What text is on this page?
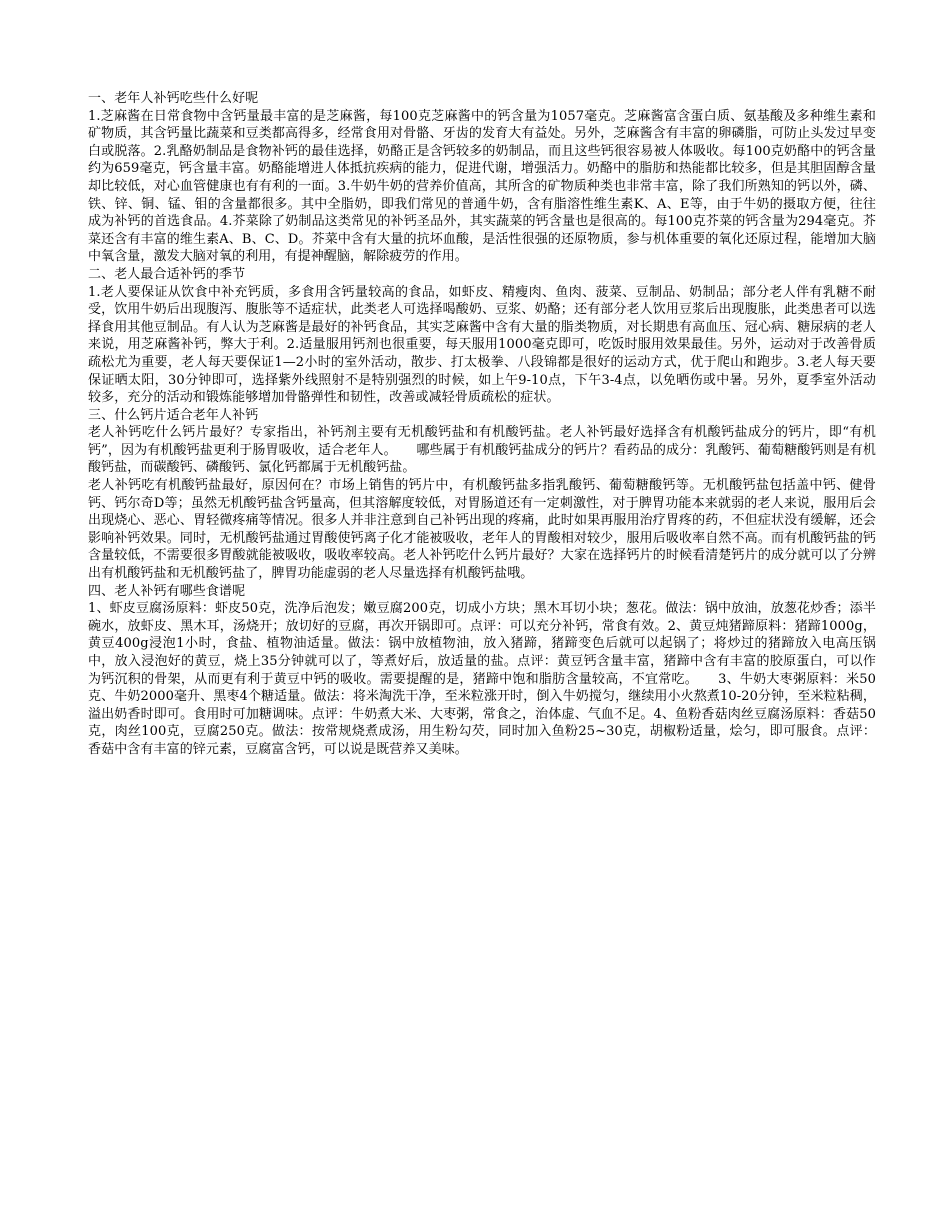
一、老年人补钙吃些什么好呢

1.芝麻酱在日常食物中含钙量最丰富的是芝麻酱，每100克芝麻酱中的钙含量为1057毫克。芝麻酱富含蛋白质、氨基酸及多种维生素和矿物质，其含钙量比蔬菜和豆类都高得多，经常食用对骨骼、牙齿的发育大有益处。另外，芝麻酱含有丰富的卵磷脂，可防止头发过早变白或脱落。2.乳酪奶制品是食物补钙的最佳选择，奶酪正是含钙较多的奶制品，而且这些钙很容易被人体吸收。每100克奶酪中的钙含量约为659毫克，钙含量丰富。奶酪能增进人体抵抗疾病的能力，促进代谢，增强活力。奶酪中的脂肪和热能都比较多，但是其胆固醇含量却比较低，对心血管健康也有有利的一面。3.牛奶牛奶的营养价值高，其所含的矿物质种类也非常丰富，除了我们所熟知的钙以外，磷、铁、锌、铜、锰、钼的含量都很多。其中全脂奶，即我们常见的普通牛奶，含有脂溶性维生素K、A、E等，由于牛奶的摄取方便，往往成为补钙的首选食品。4.芥菜除了奶制品这类常见的补钙圣品外，其实蔬菜的钙含量也是很高的。每100克芥菜的钙含量为294毫克。芥菜还含有丰富的维生素A、B、C、D。芥菜中含有大量的抗坏血酸，是活性很强的还原物质，参与机体重要的氧化还原过程，能增加大脑中氧含量，激发大脑对氧的利用，有提神醒脑，解除疲劳的作用。

二、老人最合适补钙的季节

1.老人要保证从饮食中补充钙质，多食用含钙量较高的食品，如虾皮、精瘦肉、鱼肉、菠菜、豆制品、奶制品；部分老人伴有乳糖不耐受，饮用牛奶后出现腹泻、腹胀等不适症状，此类老人可选择喝酸奶、豆浆、奶酪；还有部分老人饮用豆浆后出现腹胀，此类患者可以选择食用其他豆制品。有人认为芝麻酱是最好的补钙食品，其实芝麻酱中含有大量的脂类物质，对长期患有高血压、冠心病、糖尿病的老人来说，用芝麻酱补钙，弊大于利。2.适量服用钙剂也很重要，每天服用1000毫克即可，吃饭时服用效果最佳。另外，运动对于改善骨质疏松尤为重要，老人每天要保证1—2小时的室外活动，散步、打太极拳、八段锦都是很好的运动方式，优于爬山和跑步。3.老人每天要保证晒太阳，30分钟即可，选择紫外线照射不是特别强烈的时候，如上午9-10点，下午3-4点，以免晒伤或中暑。另外，夏季室外活动较多，充分的活动和锻炼能够增加骨骼弹性和韧性，改善或减轻骨质疏松的症状。

三、什么钙片适合老年人补钙

老人补钙吃什么钙片最好？专家指出，补钙剂主要有无机酸钙盐和有机酸钙盐。老人补钙最好选择含有机酸钙盐成分的钙片，即“有机钙”，因为有机酸钙盐更利于肠胃吸收，适合老年人。　　哪些属于有机酸钙盐成分的钙片？看药品的成分：乳酸钙、葡萄糖酸钙则是有机酸钙盐，而碳酸钙、磷酸钙、氯化钙都属于无机酸钙盐。

老人补钙吃有机酸钙盐最好，原因何在？市场上销售的钙片中，有机酸钙盐多指乳酸钙、葡萄糖酸钙等。无机酸钙盐包括盖中钙、健骨钙、钙尔奇D等；虽然无机酸钙盐含钙量高，但其溶解度较低，对胃肠道还有一定刺激性，对于脾胃功能本来就弱的老人来说，服用后会出现烧心、恶心、胃轻微疼痛等情况。很多人并非注意到自己补钙出现的疼痛，此时如果再服用治疗胃疼的药，不但症状没有缓解，还会影响补钙效果。同时，无机酸钙盐通过胃酸使钙离子化才能被吸收，老年人的胃酸相对较少，服用后吸收率自然不高。而有机酸钙盐的钙含量较低，不需要很多胃酸就能被吸收，吸收率较高。老人补钙吃什么钙片最好？大家在选择钙片的时候看清楚钙片的成分就可以了分辨出有机酸钙盐和无机酸钙盐了，脾胃功能虚弱的老人尽量选择有机酸钙盐哦。

四、老人补钙有哪些食谱呢

1、虾皮豆腐汤原料：虾皮50克，洗净后泡发；嫩豆腐200克，切成小方块；黑木耳切小块；葱花。做法：锅中放油，放葱花炒香；添半碗水，放虾皮、黑木耳，汤烧开；放切好的豆腐，再次开锅即可。点评：可以充分补钙，常食有效。2、黄豆炖猪蹄原料：猪蹄1000g，黄豆400g浸泡1小时，食盐、植物油适量。做法：锅中放植物油，放入猪蹄，猪蹄变色后就可以起锅了；将炒过的猪蹄放入电高压锅中，放入浸泡好的黄豆，烧上35分钟就可以了，等煮好后，放适量的盐。点评：黄豆钙含量丰富，猪蹄中含有丰富的胶原蛋白，可以作为钙沉积的骨架，从而更有利于黄豆中钙的吸收。需要提醒的是，猪蹄中饱和脂肪含量较高，不宜常吃。　　3、牛奶大枣粥原料：米50克、牛奶2000毫升、黑枣4个糖适量。做法：将米淘洗干净，至米粒涨开时，倒入牛奶搅匀，继续用小火熬煮10-20分钟，至米粒粘稠，溢出奶香时即可。食用时可加糖调味。点评：牛奶煮大米、大枣粥，常食之，治体虚、气血不足。4、鱼粉香菇肉丝豆腐汤原料：香菇50克，肉丝100克，豆腐250克。做法：按常规烧煮成汤，用生粉勾芡，同时加入鱼粉25~30克，胡椒粉适量，烩匀，即可服食。点评：香菇中含有丰富的锌元素，豆腐富含钙，可以说是既营养又美味。
